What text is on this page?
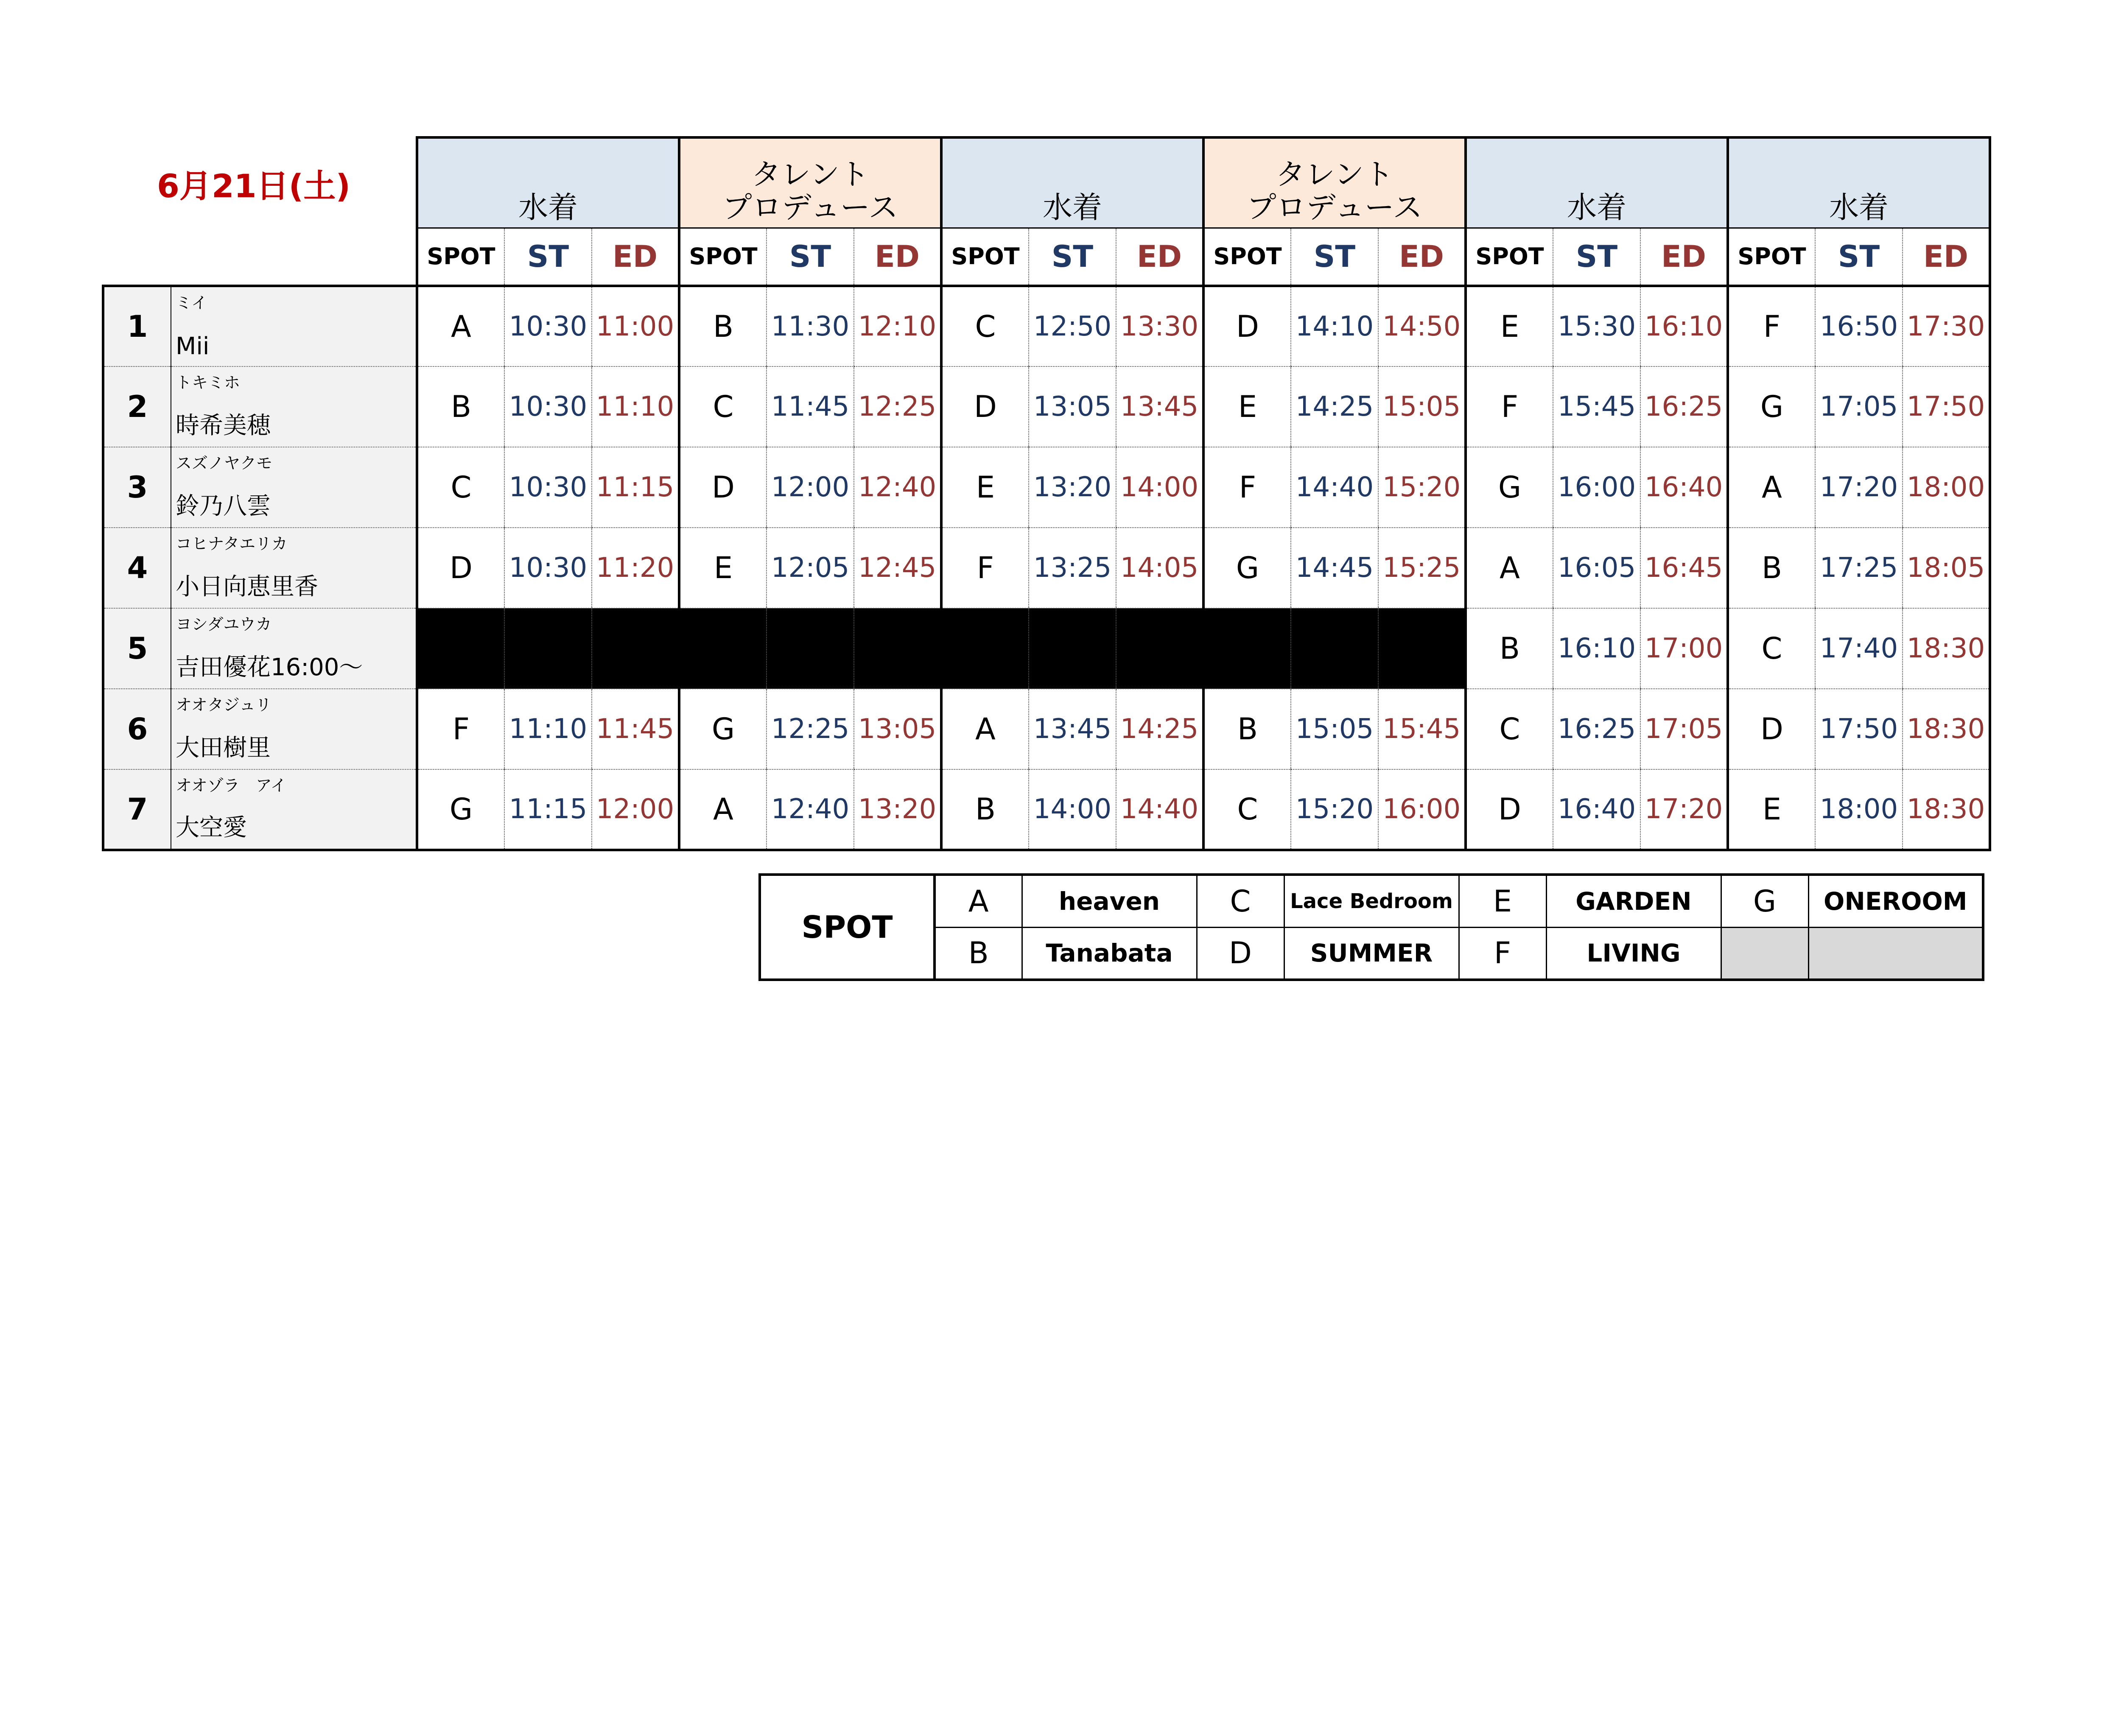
6月21日(土)
		水着			タレント
プロデュース			水着			タレント
プロデュース			水着			水着		
		SPOT	ST	ED	SPOT	ST	ED	SPOT	ST	ED	SPOT	ST	ED	SPOT	ST	ED	SPOT	ST	ED
1	ミイ
Mii	A	10:30	11:00	B	11:30	12:10	C	12:50	13:30	D	14:10	14:50	E	15:30	16:10	F	16:50	17:30
2	トキミホ
時希美穂	B	10:30	11:10	C	11:45	12:25	D	13:05	13:45	E	14:25	15:05	F	15:45	16:25	G	17:05	17:50
3	スズノヤクモ
鈴乃八雲	C	10:30	11:15	D	12:00	12:40	E	13:20	14:00	F	14:40	15:20	G	16:00	16:40	A	17:20	18:00
4	コヒナタエリカ
小日向恵里香	D	10:30	11:20	E	12:05	12:45	F	13:25	14:05	G	14:45	15:25	A	16:05	16:45	B	17:25	18:05
5	ヨシダユウカ
吉田優花16:00〜													B	16:10	17:00	C	17:40	18:30
6	オオタジュリ
大田樹里	F	11:10	11:45	G	12:25	13:05	A	13:45	14:25	B	15:05	15:45	C	16:25	17:05	D	17:50	18:30
7	オオゾラ　アイ
大空愛	G	11:15	12:00	A	12:40	13:20	B	14:00	14:40	C	15:20	16:00	D	16:40	17:20	E	18:00	18:30
SPOT	A	heaven	C	Lace Bedroom	E	GARDEN	G	ONEROOM
	B	Tanabata	D	SUMMER	F	LIVING		
